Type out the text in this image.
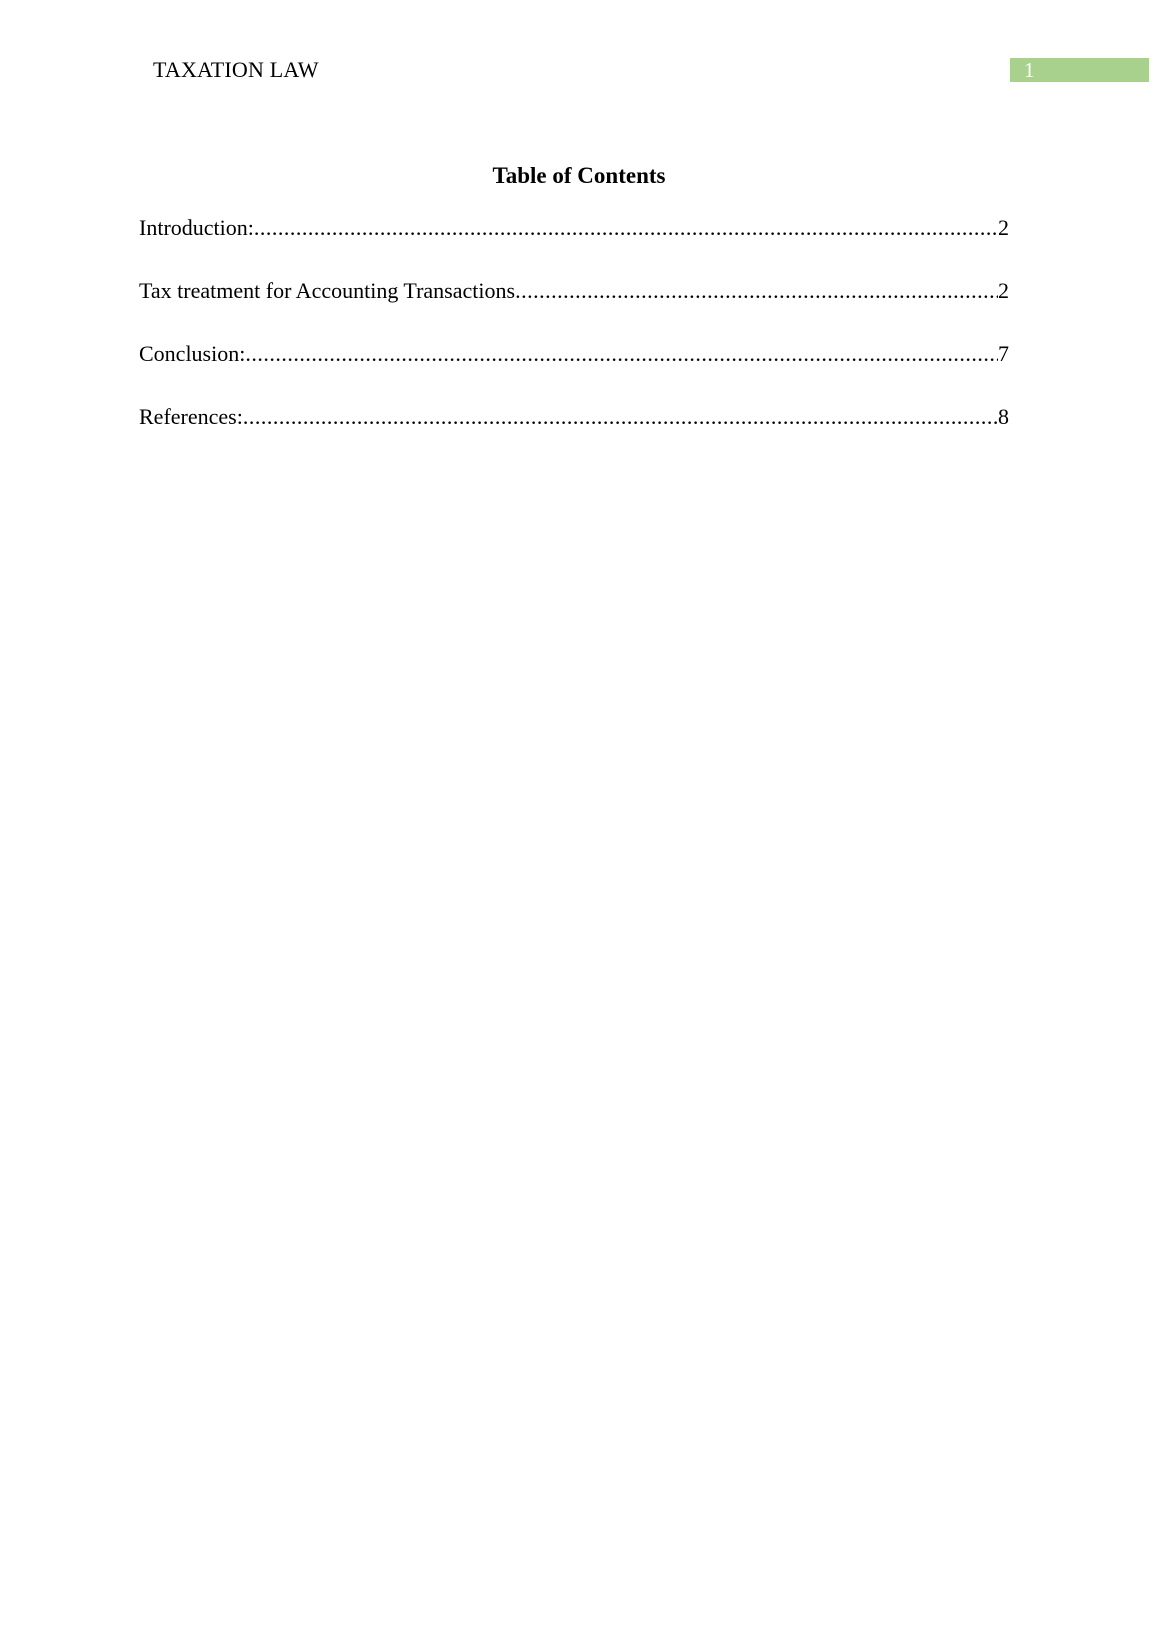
TAXATION LAW	1
Table of Contents
Introduction: .....	2
Tax treatment for Accounting Transactions .....	2
Conclusion: .....	7
References: .....	8
